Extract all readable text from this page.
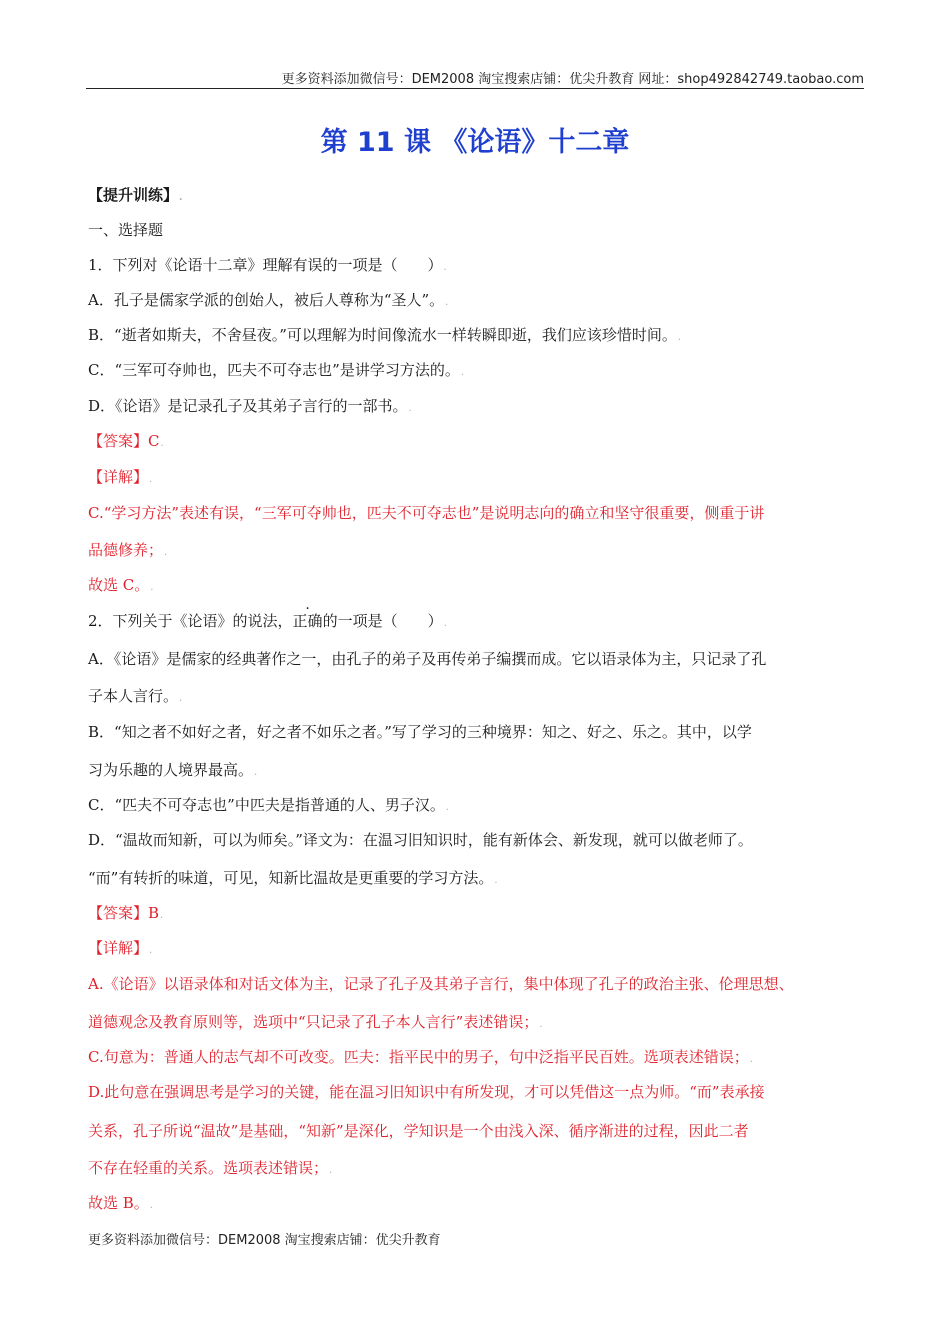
更多资料添加微信号：DEM2008 淘宝搜索店铺：优尖升教育 网址：shop492842749.taobao.com
第 11 课 《论语》十二章
【提升训练】.
一、选择题
1．下列对《论语十二章》理解有误的一项是（　　）.
A．孔子是儒家学派的创始人，被后人尊称为“圣人”。.
B．“逝者如斯夫，不舍昼夜。”可以理解为时间像流水一样转瞬即逝，我们应该珍惜时间。.
C．“三军可夺帅也，匹夫不可夺志也”是讲学习方法的。.
D．《论语》是记录孔子及其弟子言行的一部书。.
【答案】C.
【详解】.
C.“学习方法”表述有误，“三军可夺帅也，匹夫不可夺志也”是说明志向的确立和坚守很重要，侧重于讲
品德修养；.
故选 C。.
2．下列关于《论语》的说法，正确的一项是（　　）.
A．《论语》是儒家的经典著作之一，由孔子的弟子及再传弟子编撰而成。它以语录体为主，只记录了孔
子本人言行。.
B．“知之者不如好之者，好之者不如乐之者。”写了学习的三种境界：知之、好之、乐之。其中，以学
习为乐趣的人境界最高。.
C．“匹夫不可夺志也”中匹夫是指普通的人、男子汉。.
D．“温故而知新，可以为师矣。”译文为：在温习旧知识时，能有新体会、新发现，就可以做老师了。
“而”有转折的味道，可见，知新比温故是更重要的学习方法。.
【答案】B.
【详解】.
A.《论语》以语录体和对话文体为主，记录了孔子及其弟子言行，集中体现了孔子的政治主张、伦理思想、
道德观念及教育原则等，选项中“只记录了孔子本人言行”表述错误；.
C.句意为：普通人的志气却不可改变。匹夫：指平民中的男子，句中泛指平民百姓。选项表述错误；.
D.此句意在强调思考是学习的关键，能在温习旧知识中有所发现，才可以凭借这一点为师。“而”表承接
关系，孔子所说“温故”是基础，“知新”是深化，学知识是一个由浅入深、循序渐进的过程，因此二者
不存在轻重的关系。选项表述错误；.
故选 B。.
更多资料添加微信号：DEM2008 淘宝搜索店铺：优尖升教育
